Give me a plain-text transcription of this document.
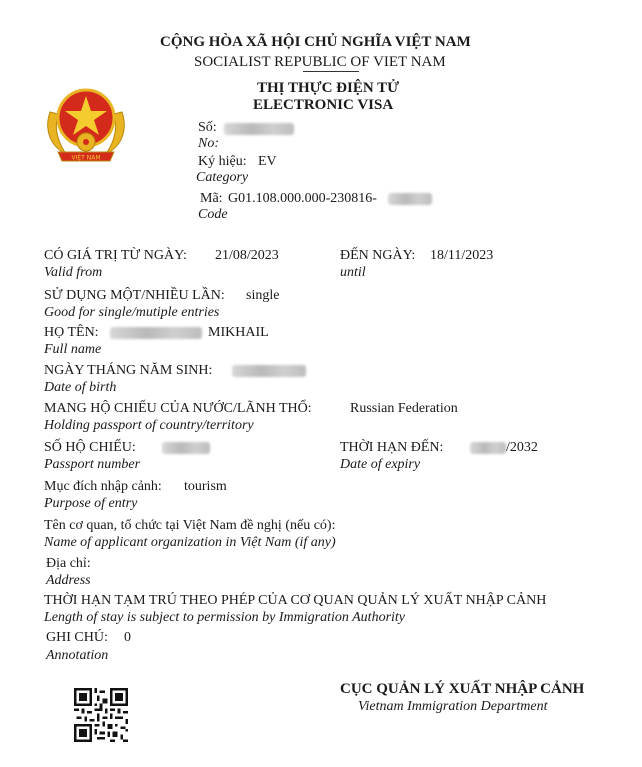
VIỆT NAM
CỘNG HÒA XÃ HỘI CHỦ NGHĨA VIỆT NAM
SOCIALIST REPUBLIC OF VIET NAM
THỊ THỰC ĐIỆN TỬ
ELECTRONIC VISA
Số:
No:
Ký hiệu: EV
Category
Mã: G01.108.000.000-230816-
Code
CÓ GIÁ TRỊ TỪ NGÀY: 21/08/2023
Valid from
ĐẾN NGÀY: 18/11/2023
until
SỬ DỤNG MỘT/NHIỀU LẦN: single
Good for single/mutiple entries
HỌ TÊN:	MIKHAIL
Full name
NGÀY THÁNG NĂM SINH:
Date of birth
MANG HỘ CHIẾU CỦA NƯỚC/LÃNH THỔ:	Russian Federation
Holding passport of country/territory
SỐ HỘ CHIẾU:
Passport number
THỜI HẠN ĐẾN:	/2032
Date of expiry
Mục đích nhập cảnh: tourism
Purpose of entry
Tên cơ quan, tổ chức tại Việt Nam đề nghị (nếu có):
Name of applicant organization in Việt Nam (if any)
Địa chỉ:
Address
THỜI HẠN TẠM TRÚ THEO PHÉP CỦA CƠ QUAN QUẢN LÝ XUẤT NHẬP CẢNH
Length of stay is subject to permission by Immigration Authority
GHI CHÚ: 0
Annotation
CỤC QUẢN LÝ XUẤT NHẬP CẢNH
Vietnam Immigration Department
